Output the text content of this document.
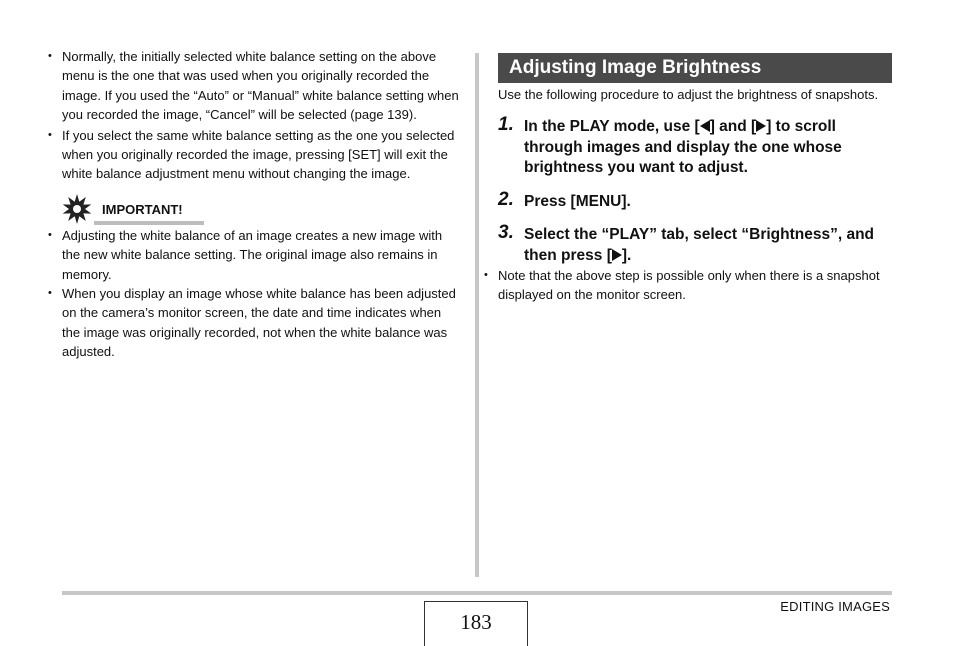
• Normally, the initially selected white balance setting on the above menu is the one that was used when you originally recorded the image. If you used the “Auto” or “Manual” white balance setting when you recorded the image, “Cancel” will be selected (page 139).
• If you select the same white balance setting as the one you selected when you originally recorded the image, pressing [SET] will exit the white balance adjustment menu without changing the image.
IMPORTANT!
• Adjusting the white balance of an image creates a new image with the new white balance setting. The original image also remains in memory.
• When you display an image whose white balance has been adjusted on the camera’s monitor screen, the date and time indicates when the image was originally recorded, not when the white balance was adjusted.
Adjusting Image Brightness
Use the following procedure to adjust the brightness of snapshots.
1. In the PLAY mode, use [ ] and [ ] to scroll through images and display the one whose brightness you want to adjust.
2. Press [MENU].
3. Select the “PLAY” tab, select “Brightness”, and then press [ ].
• Note that the above step is possible only when there is a snapshot displayed on the monitor screen.
183
EDITING IMAGES
